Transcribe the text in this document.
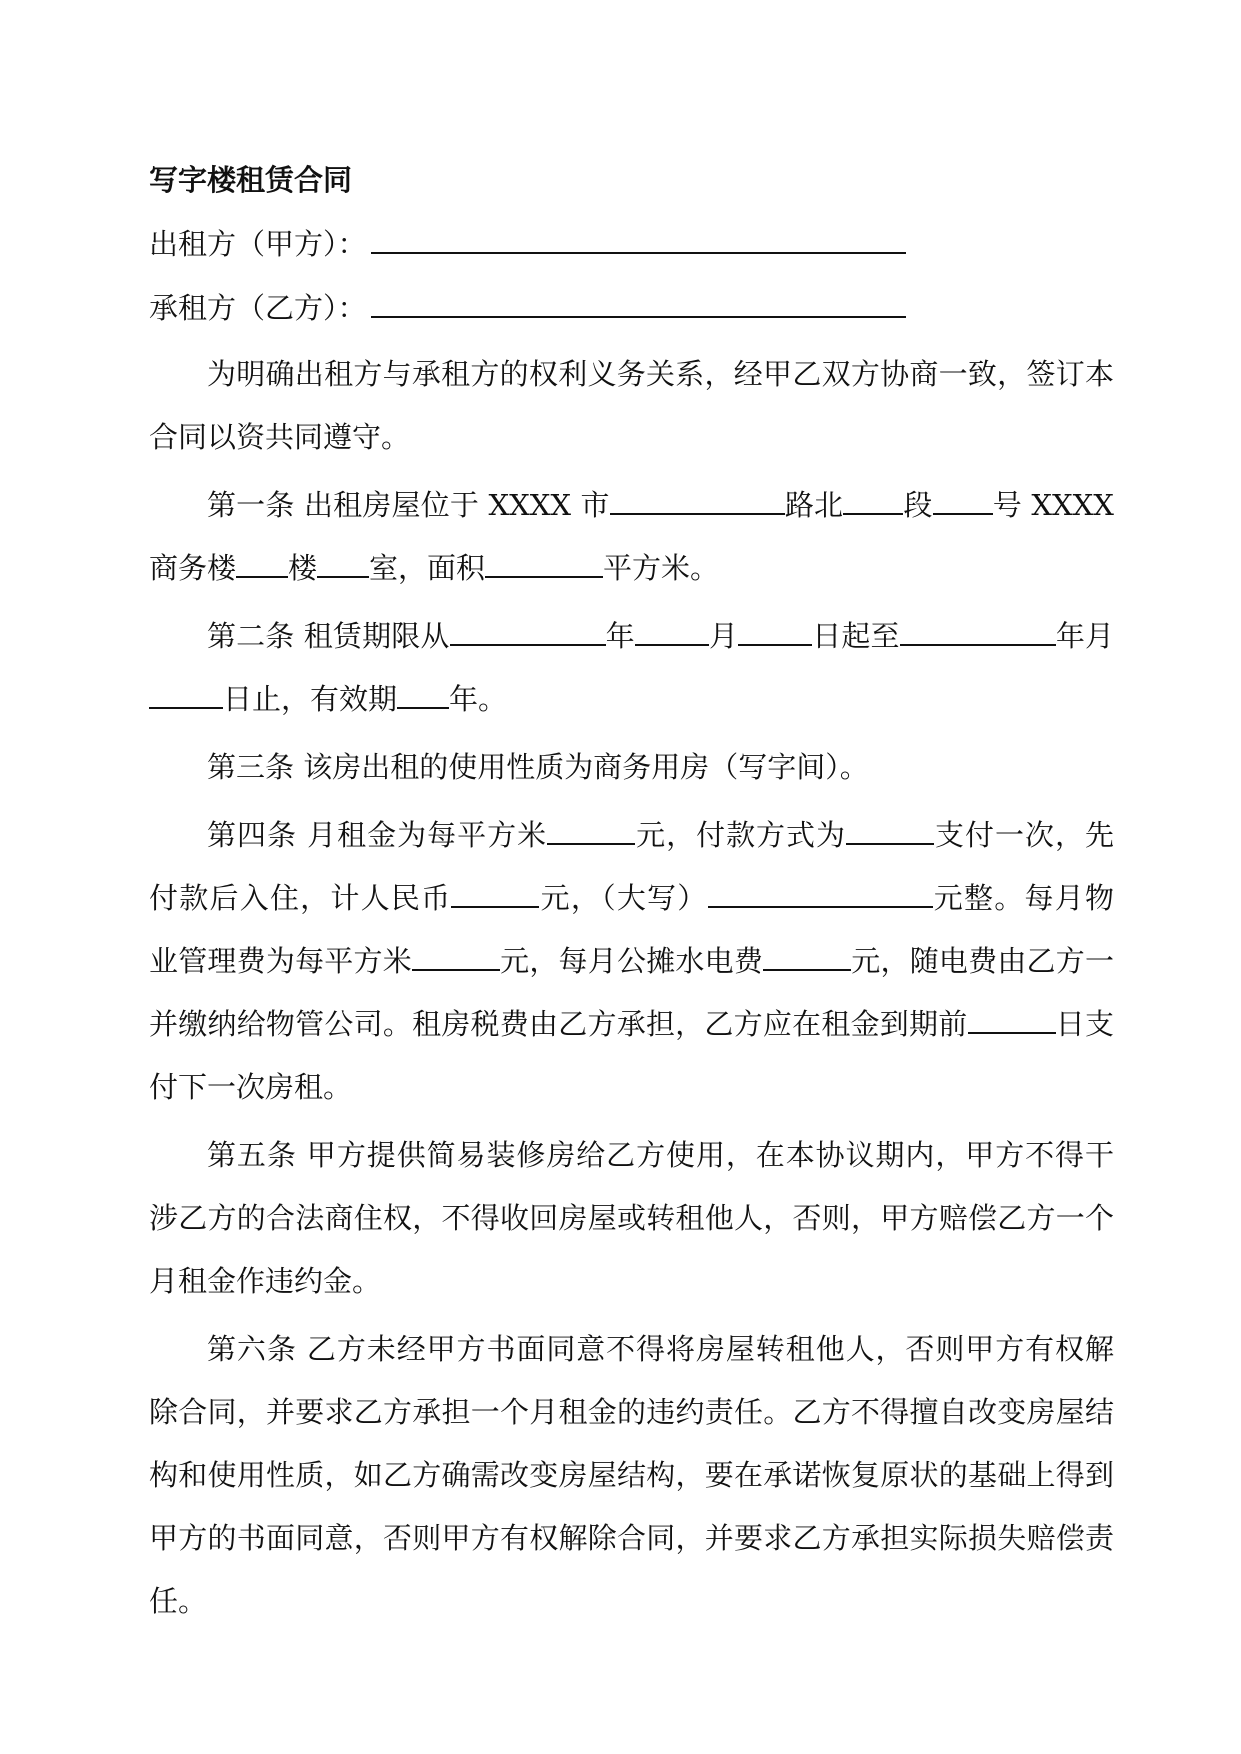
写字楼租赁合同
出租方（甲方）：
承租方（乙方）：

为明确出租方与承租方的权利义务关系，经甲乙双方协商一致，签订本合同以资共同遵守。

第一条 出租房屋位于 XXXX 市	路北 段 号 XXXX 商务楼 楼 室，面积	平方米。

第二条 租赁期限从	年	月	日起至	年月日止，有效期 年。

第三条 该房出租的使用性质为商务用房（写字间）。

第四条 月租金为每平方米	元，付款方式为	支付一次，先付款后入住，计人民币	元，（大写）	元整。每月物业管理费为每平方米	元，每月公摊水电费	元，随电费由乙方一并缴纳给物管公司。租房税费由乙方承担，乙方应在租金到期前	日支付下一次房租。

第五条 甲方提供简易装修房给乙方使用，在本协议期内，甲方不得干涉乙方的合法商住权，不得收回房屋或转租他人，否则，甲方赔偿乙方一个月租金作违约金。

第六条 乙方未经甲方书面同意不得将房屋转租他人，否则甲方有权解除合同，并要求乙方承担一个月租金的违约责任。乙方不得擅自改变房屋结构和使用性质，如乙方确需改变房屋结构，要在承诺恢复原状的基础上得到甲方的书面同意，否则甲方有权解除合同，并要求乙方承担实际损失赔偿责任。
